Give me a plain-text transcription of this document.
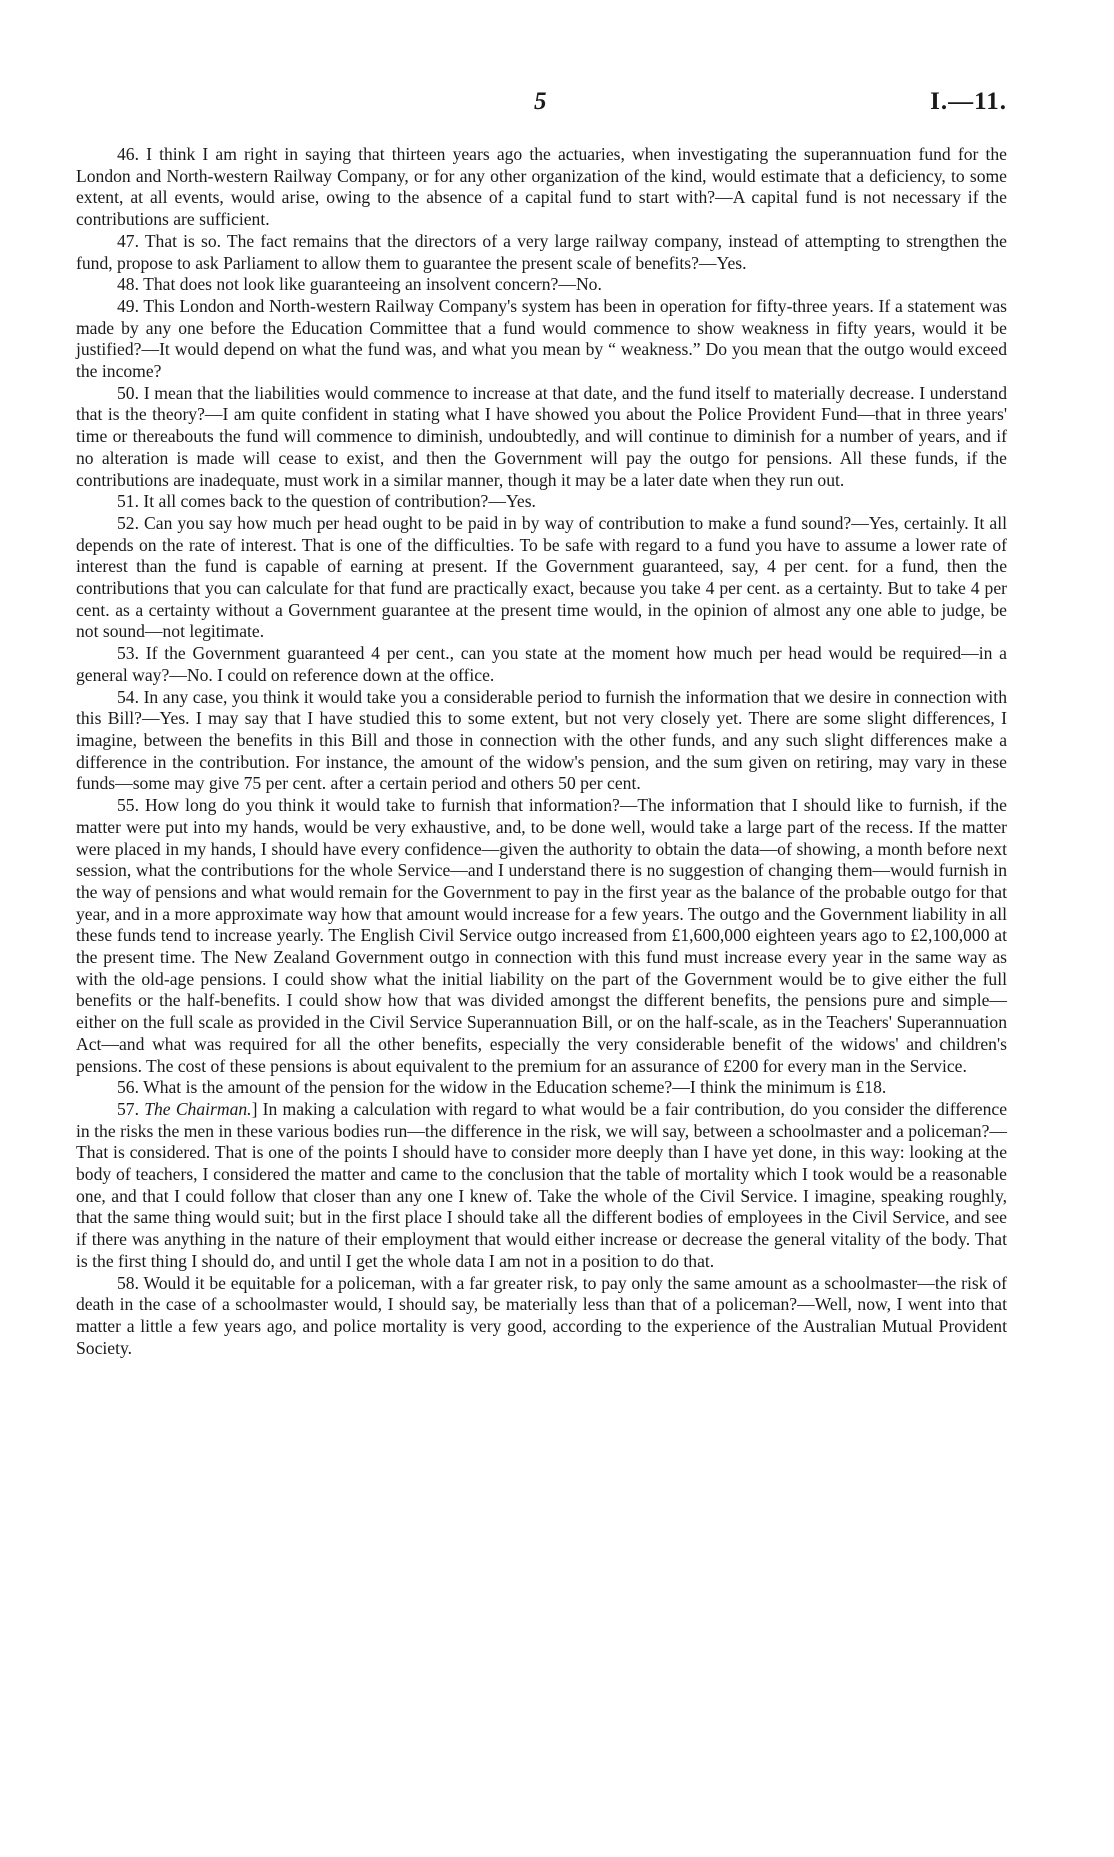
5	I.—11.

46. I think I am right in saying that thirteen years ago the actuaries, when investigating the superannuation fund for the London and North-western Railway Company, or for any other organization of the kind, would estimate that a deficiency, to some extent, at all events, would arise, owing to the absence of a capital fund to start with?—A capital fund is not necessary if the contributions are sufficient.

47. That is so. The fact remains that the directors of a very large railway company, instead of attempting to strengthen the fund, propose to ask Parliament to allow them to guarantee the present scale of benefits?—Yes.

48. That does not look like guaranteeing an insolvent concern?—No.

49. This London and North-western Railway Company's system has been in operation for fifty-three years. If a statement was made by any one before the Education Committee that a fund would commence to show weakness in fifty years, would it be justified?—It would depend on what the fund was, and what you mean by “ weakness.” Do you mean that the outgo would exceed the income?

50. I mean that the liabilities would commence to increase at that date, and the fund itself to materially decrease. I understand that is the theory?—I am quite confident in stating what I have showed you about the Police Provident Fund—that in three years' time or thereabouts the fund will commence to diminish, undoubtedly, and will continue to diminish for a number of years, and if no alteration is made will cease to exist, and then the Government will pay the outgo for pensions. All these funds, if the contributions are inadequate, must work in a similar manner, though it may be a later date when they run out.

51. It all comes back to the question of contribution?—Yes.

52. Can you say how much per head ought to be paid in by way of contribution to make a fund sound?—Yes, certainly. It all depends on the rate of interest. That is one of the difficulties. To be safe with regard to a fund you have to assume a lower rate of interest than the fund is capable of earning at present. If the Government guaranteed, say, 4 per cent. for a fund, then the contributions that you can calculate for that fund are practically exact, because you take 4 per cent. as a certainty. But to take 4 per cent. as a certainty without a Government guarantee at the present time would, in the opinion of almost any one able to judge, be not sound—not legitimate.

53. If the Government guaranteed 4 per cent., can you state at the moment how much per head would be required—in a general way?—No. I could on reference down at the office.

54. In any case, you think it would take you a considerable period to furnish the information that we desire in connection with this Bill?—Yes. I may say that I have studied this to some extent, but not very closely yet. There are some slight differences, I imagine, between the benefits in this Bill and those in connection with the other funds, and any such slight differences make a difference in the contribution. For instance, the amount of the widow's pension, and the sum given on retiring, may vary in these funds—some may give 75 per cent. after a certain period and others 50 per cent.

55. How long do you think it would take to furnish that information?—The information that I should like to furnish, if the matter were put into my hands, would be very exhaustive, and, to be done well, would take a large part of the recess. If the matter were placed in my hands, I should have every confidence—given the authority to obtain the data—of showing, a month before next session, what the contributions for the whole Service—and I understand there is no suggestion of changing them—would furnish in the way of pensions and what would remain for the Government to pay in the first year as the balance of the probable outgo for that year, and in a more approximate way how that amount would increase for a few years. The outgo and the Government liability in all these funds tend to increase yearly. The English Civil Service outgo increased from £1,600,000 eighteen years ago to £2,100,000 at the present time. The New Zealand Government outgo in connection with this fund must increase every year in the same way as with the old-age pensions. I could show what the initial liability on the part of the Government would be to give either the full benefits or the half-benefits. I could show how that was divided amongst the different benefits, the pensions pure and simple—either on the full scale as provided in the Civil Service Superannuation Bill, or on the half-scale, as in the Teachers' Superannuation Act—and what was required for all the other benefits, especially the very considerable benefit of the widows' and children's pensions. The cost of these pensions is about equivalent to the premium for an assurance of £200 for every man in the Service.

56. What is the amount of the pension for the widow in the Education scheme?—I think the minimum is £18.

57. The Chairman.] In making a calculation with regard to what would be a fair contribution, do you consider the difference in the risks the men in these various bodies run—the difference in the risk, we will say, between a schoolmaster and a policeman?—That is considered. That is one of the points I should have to consider more deeply than I have yet done, in this way: looking at the body of teachers, I considered the matter and came to the conclusion that the table of mortality which I took would be a reasonable one, and that I could follow that closer than any one I knew of. Take the whole of the Civil Service. I imagine, speaking roughly, that the same thing would suit; but in the first place I should take all the different bodies of employees in the Civil Service, and see if there was anything in the nature of their employment that would either increase or decrease the general vitality of the body. That is the first thing I should do, and until I get the whole data I am not in a position to do that.

58. Would it be equitable for a policeman, with a far greater risk, to pay only the same amount as a schoolmaster—the risk of death in the case of a schoolmaster would, I should say, be materially less than that of a policeman?—Well, now, I went into that matter a little a few years ago, and police mortality is very good, according to the experience of the Australian Mutual Provident Society.
